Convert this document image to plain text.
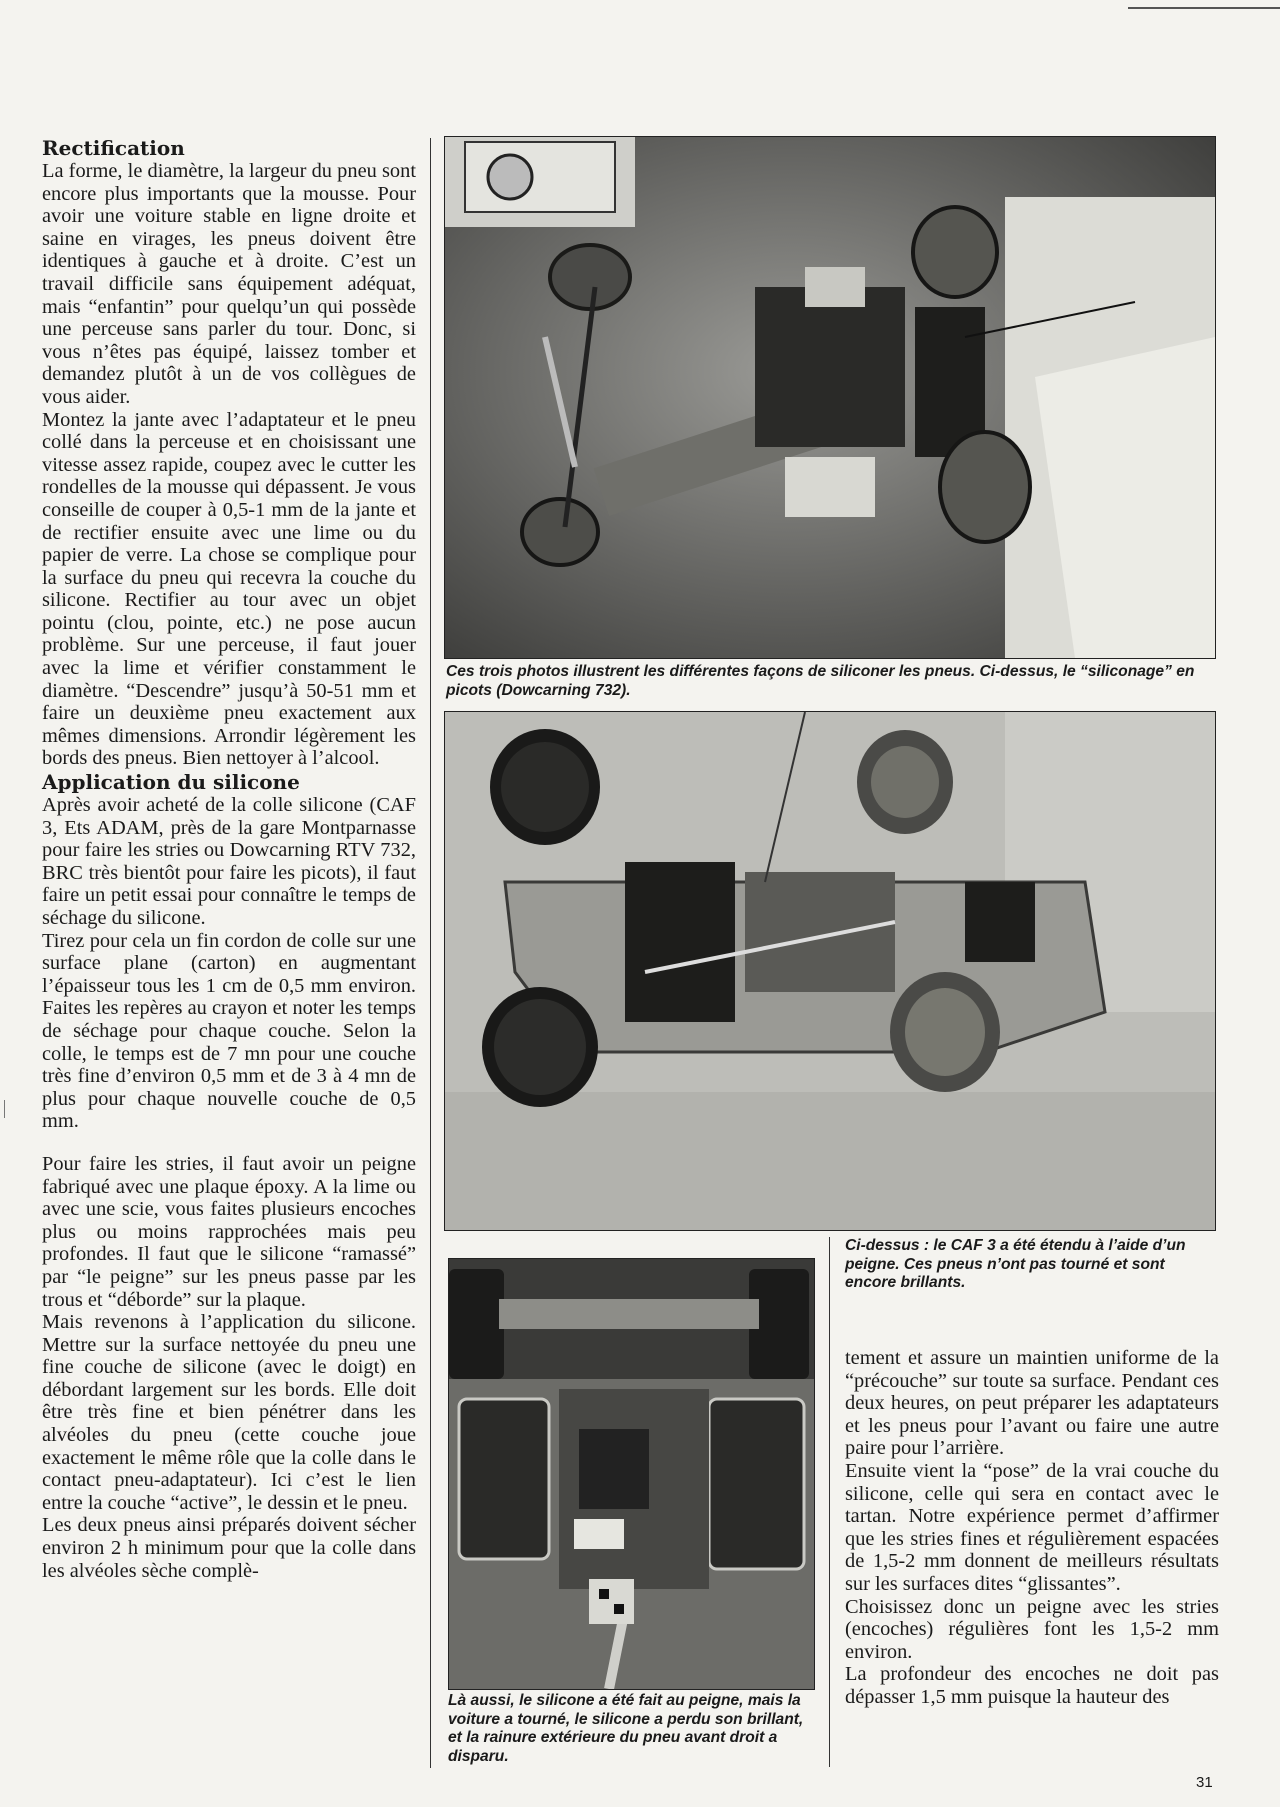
Rectification

La forme, le diamètre, la largeur du pneu sont encore plus importants que la mousse. Pour avoir une voiture stable en ligne droite et saine en virages, les pneus doivent être identiques à gauche et à droite. C’est un travail difficile sans équipement adéquat, mais “enfantin” pour quelqu’un qui possède une perceuse sans parler du tour. Donc, si vous n’êtes pas équipé, laissez tomber et demandez plutôt à un de vos collègues de vous aider.

Montez la jante avec l’adaptateur et le pneu collé dans la perceuse et en choisissant une vitesse assez rapide, coupez avec le cutter les rondelles de la mousse qui dépassent. Je vous conseille de couper à 0,5-1 mm de la jante et de rectifier ensuite avec une lime ou du papier de verre. La chose se complique pour la surface du pneu qui recevra la couche du silicone. Rectifier au tour avec un objet pointu (clou, pointe, etc.) ne pose aucun problème. Sur une perceuse, il faut jouer avec la lime et vérifier constamment le diamètre. “Descendre” jusqu’à 50-51 mm et faire un deuxième pneu exactement aux mêmes dimensions. Arrondir légèrement les bords des pneus. Bien nettoyer à l’alcool.

Application du silicone

Après avoir acheté de la colle silicone (CAF 3, Ets ADAM, près de la gare Montparnasse pour faire les stries ou Dowcarning RTV 732, BRC très bientôt pour faire les picots), il faut faire un petit essai pour connaître le temps de séchage du silicone.

Tirez pour cela un fin cordon de colle sur une surface plane (carton) en augmentant l’épaisseur tous les 1 cm de 0,5 mm environ. Faites les repères au crayon et noter les temps de séchage pour chaque couche. Selon la colle, le temps est de 7 mn pour une couche très fine d’environ 0,5 mm et de 3 à 4 mn de plus pour chaque nouvelle couche de 0,5 mm.

Pour faire les stries, il faut avoir un peigne fabriqué avec une plaque époxy. A la lime ou avec une scie, vous faites plusieurs encoches plus ou moins rapprochées mais peu profondes. Il faut que le silicone “ramassé” par “le peigne” sur les pneus passe par les trous et “déborde” sur la plaque.

Mais revenons à l’application du silicone. Mettre sur la surface nettoyée du pneu une fine couche de silicone (avec le doigt) en débordant largement sur les bords. Elle doit être très fine et bien pénétrer dans les alvéoles du pneu (cette couche joue exactement le même rôle que la colle dans le contact pneu-adaptateur). Ici c’est le lien entre la couche “active”, le dessin et le pneu.

Les deux pneus ainsi préparés doivent sécher environ 2 h minimum pour que la colle dans les alvéoles sèche complè-

Ces trois photos illustrent les différentes façons de siliconer les pneus. Ci-dessus, le “siliconage” en picots (Dowcarning 732).
Ci-dessus : le CAF 3 a été étendu à l’aide d’un peigne. Ces pneus n’ont pas tourné et sont encore brillants.
Là aussi, le silicone a été fait au peigne, mais la voiture a tourné, le silicone a perdu son brillant, et la rainure extérieure du pneu avant droit a disparu.

tement et assure un maintien uniforme de la “précouche” sur toute sa surface. Pendant ces deux heures, on peut préparer les adaptateurs et les pneus pour l’avant ou faire une autre paire pour l’arrière.

Ensuite vient la “pose” de la vrai couche du silicone, celle qui sera en contact avec le tartan. Notre expérience permet d’affirmer que les stries fines et régulièrement espacées de 1,5-2 mm donnent de meilleurs résultats sur les surfaces dites “glissantes”.

Choisissez donc un peigne avec les stries (encoches) régulières font les 1,5-2 mm environ.

La profondeur des encoches ne doit pas dépasser 1,5 mm puisque la hauteur des

31
